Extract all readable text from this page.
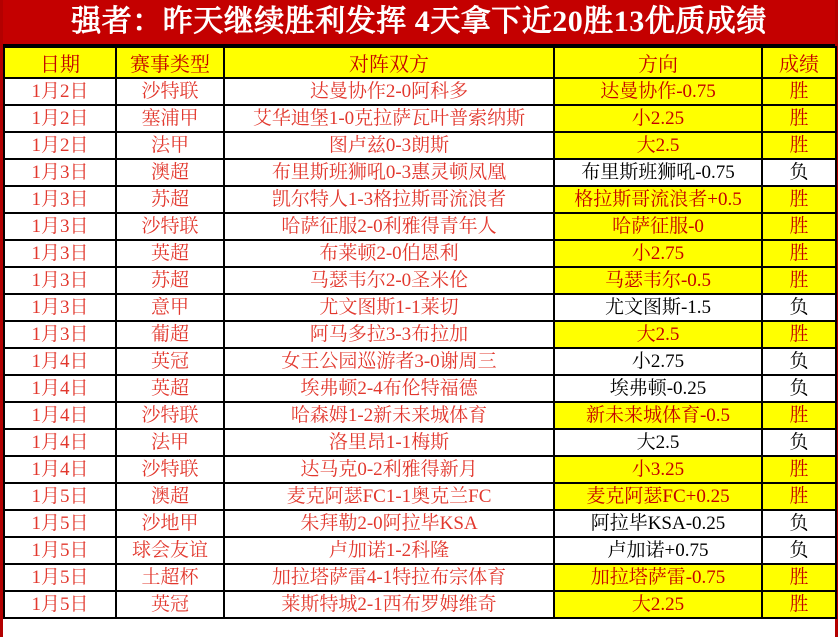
强者：昨天继续胜利发挥 4天拿下近20胜13优质成绩
日期	赛事类型	对阵双方	方向	成绩
1月2日	沙特联	达曼协作2-0阿科多	达曼协作-0.75	胜
1月2日	塞浦甲	艾华迪堡1-0克拉萨瓦叶普索纳斯	小2.25	胜
1月2日	法甲	图卢兹0-3朗斯	大2.5	胜
1月3日	澳超	布里斯班狮吼0-3惠灵顿凤凰	布里斯班狮吼-0.75	负
1月3日	苏超	凯尔特人1-3格拉斯哥流浪者	格拉斯哥流浪者+0.5	胜
1月3日	沙特联	哈萨征服2-0利雅得青年人	哈萨征服-0	胜
1月3日	英超	布莱顿2-0伯恩利	小2.75	胜
1月3日	苏超	马瑟韦尔2-0圣米伦	马瑟韦尔-0.5	胜
1月3日	意甲	尤文图斯1-1莱切	尤文图斯-1.5	负
1月3日	葡超	阿马多拉3-3布拉加	大2.5	胜
1月4日	英冠	女王公园巡游者3-0谢周三	小2.75	负
1月4日	英超	埃弗顿2-4布伦特福德	埃弗顿-0.25	负
1月4日	沙特联	哈森姆1-2新未来城体育	新未来城体育-0.5	胜
1月4日	法甲	洛里昂1-1梅斯	大2.5	负
1月4日	沙特联	达马克0-2利雅得新月	小3.25	胜
1月5日	澳超	麦克阿瑟FC1-1奥克兰FC	麦克阿瑟FC+0.25	胜
1月5日	沙地甲	朱拜勒2-0阿拉毕KSA	阿拉毕KSA-0.25	负
1月5日	球会友谊	卢加诺1-2科隆	卢加诺+0.75	负
1月5日	土超杯	加拉塔萨雷4-1特拉布宗体育	加拉塔萨雷-0.75	胜
1月5日	英冠	莱斯特城2-1西布罗姆维奇	大2.25	胜
